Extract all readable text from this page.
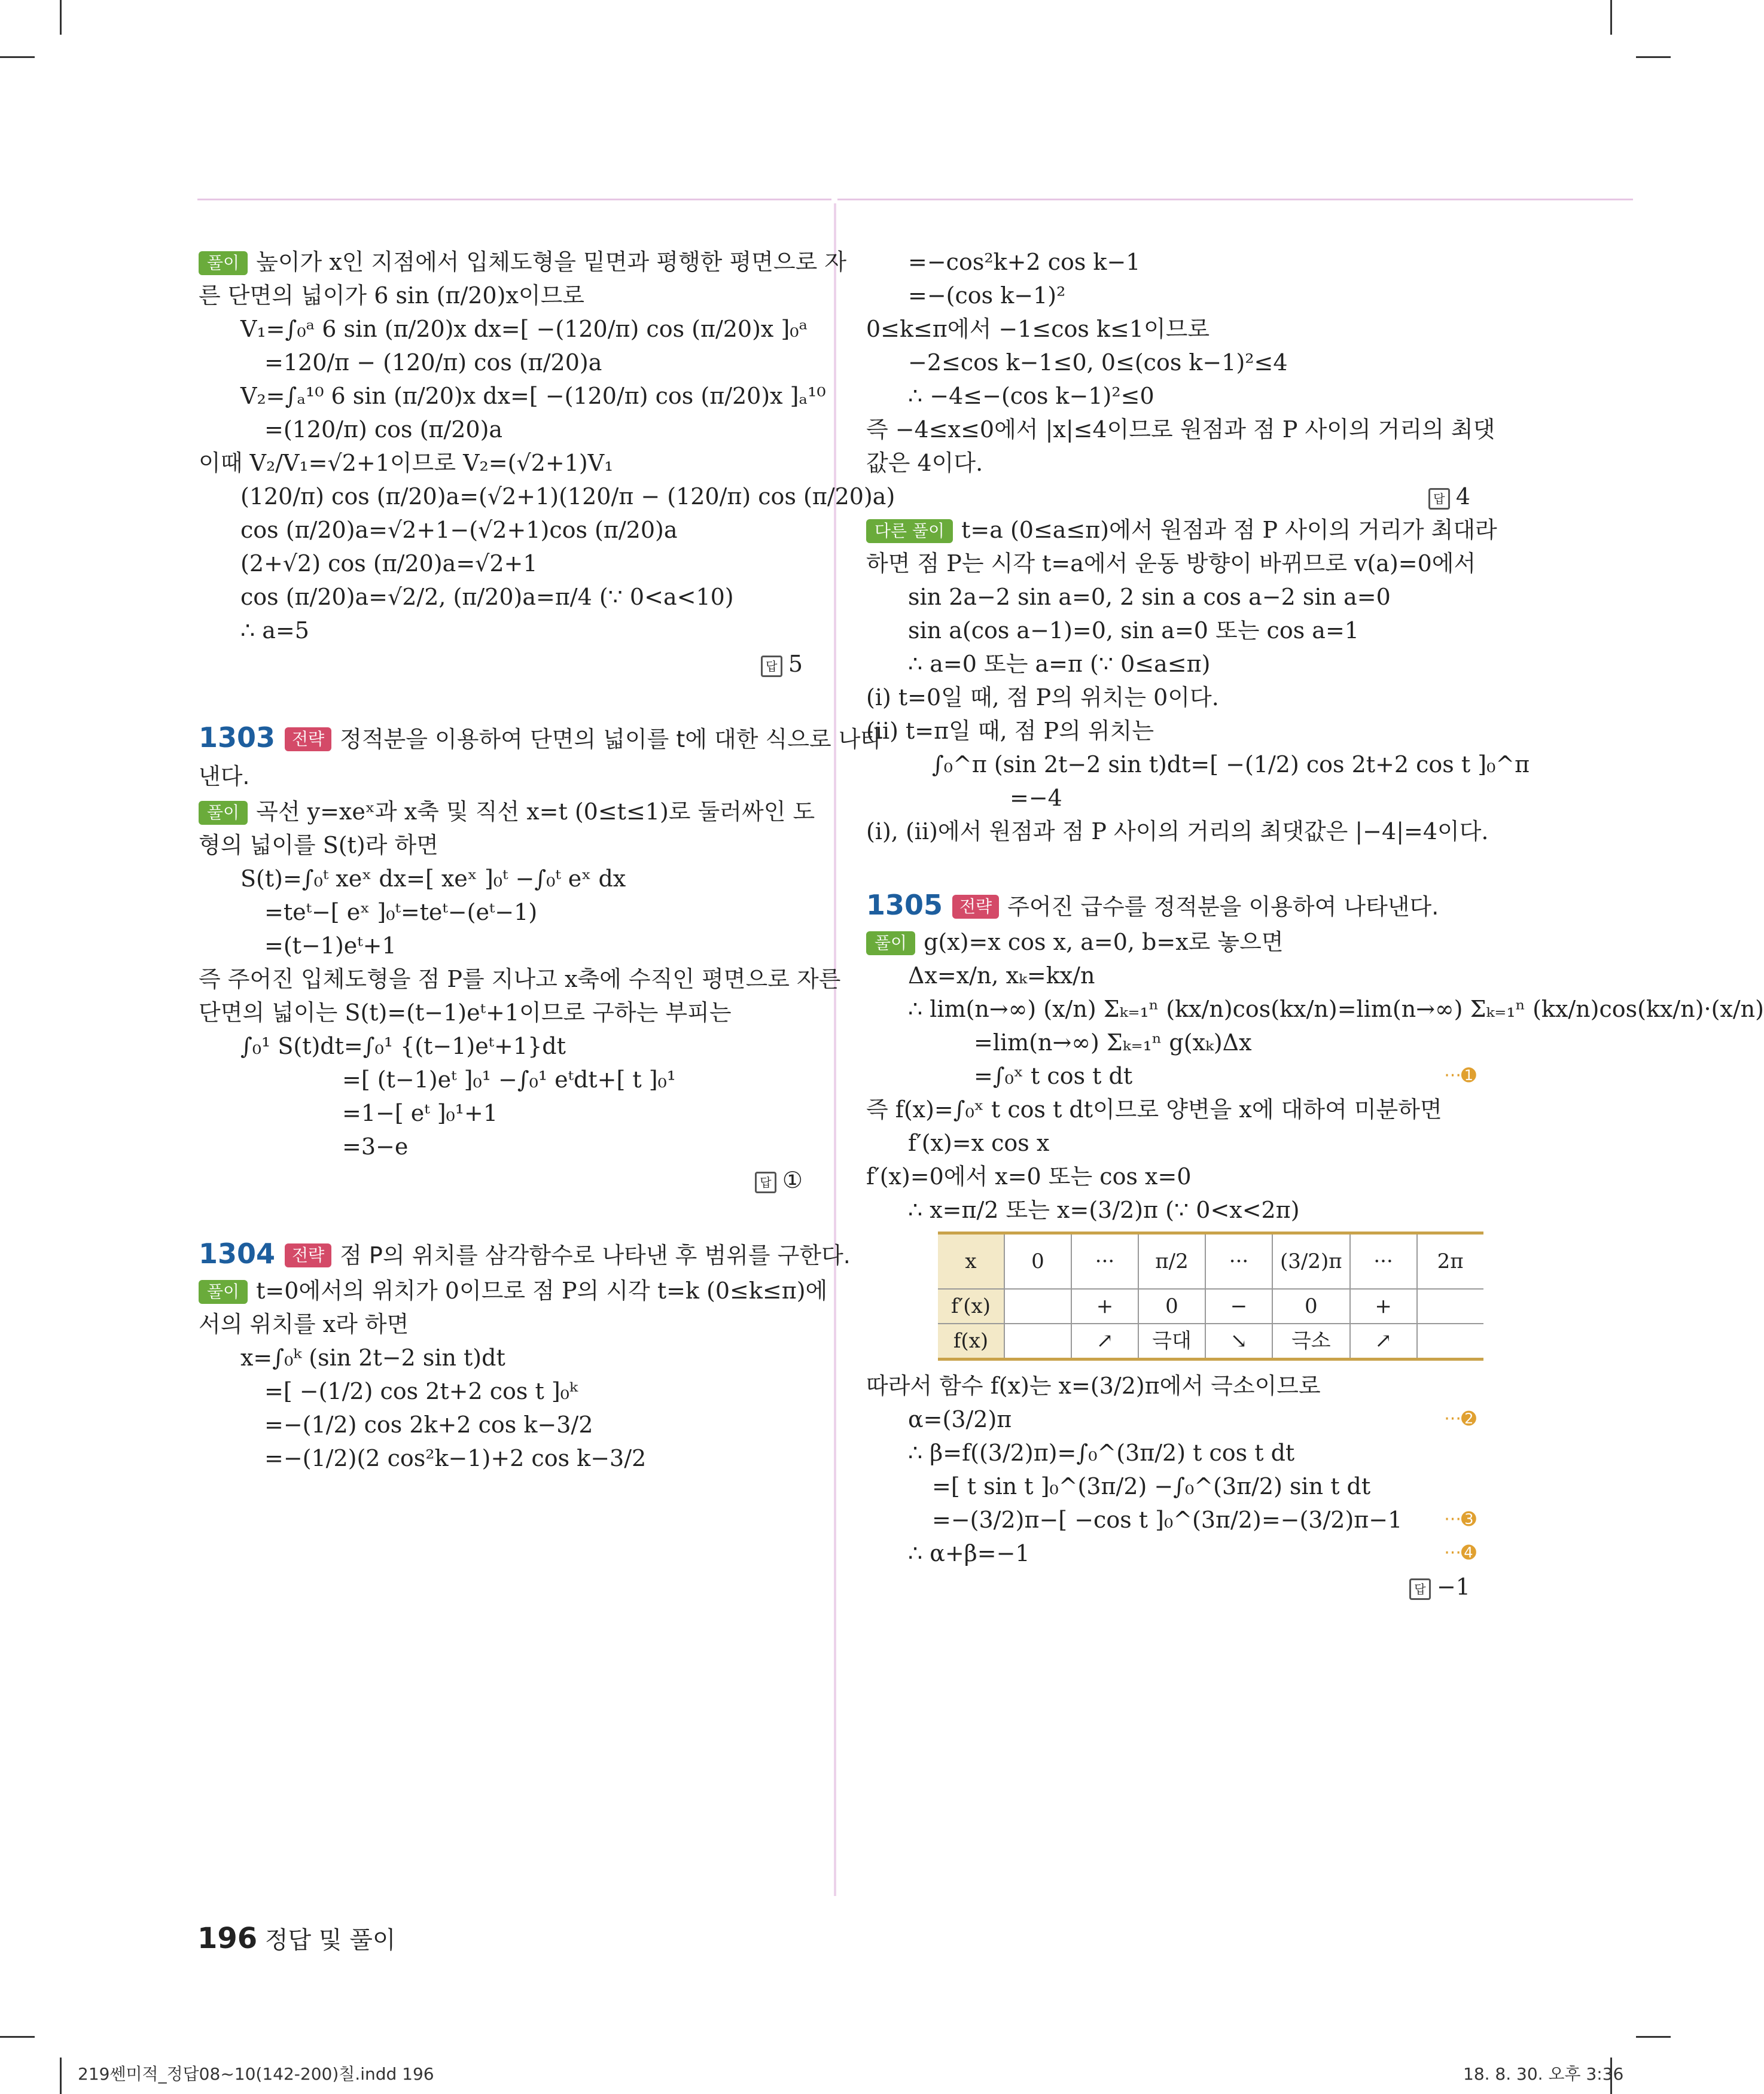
풀이 높이가 x인 지점에서 입체도형을 밑면과 평행한 평면으로 자
른 단면의 넓이가 6 sin (π/20)x이므로
V₁=∫₀ᵃ 6 sin (π/20)x dx=[ −(120/π) cos (π/20)x ]₀ᵃ
=120/π − (120/π) cos (π/20)a
V₂=∫ₐ¹⁰ 6 sin (π/20)x dx=[ −(120/π) cos (π/20)x ]ₐ¹⁰
=(120/π) cos (π/20)a
이때 V₂/V₁=√2+1이므로 V₂=(√2+1)V₁
(120/π) cos (π/20)a=(√2+1)(120/π − (120/π) cos (π/20)a)
cos (π/20)a=√2+1−(√2+1)cos (π/20)a
(2+√2) cos (π/20)a=√2+1
cos (π/20)a=√2/2, (π/20)a=π/4 (∵ 0<a<10)
∴ a=5
답 5
1303 전략 정적분을 이용하여 단면의 넓이를 t에 대한 식으로 나타
낸다.
풀이 곡선 y=xeˣ과 x축 및 직선 x=t (0≤t≤1)로 둘러싸인 도
형의 넓이를 S(t)라 하면
S(t)=∫₀ᵗ xeˣ dx=[ xeˣ ]₀ᵗ −∫₀ᵗ eˣ dx
=teᵗ−[ eˣ ]₀ᵗ=teᵗ−(eᵗ−1)
=(t−1)eᵗ+1
즉 주어진 입체도형을 점 P를 지나고 x축에 수직인 평면으로 자른
단면의 넓이는 S(t)=(t−1)eᵗ+1이므로 구하는 부피는
∫₀¹ S(t)dt=∫₀¹ {(t−1)eᵗ+1}dt
=[ (t−1)eᵗ ]₀¹ −∫₀¹ eᵗdt+[ t ]₀¹
=1−[ eᵗ ]₀¹+1
=3−e
답 ①
1304 전략 점 P의 위치를 삼각함수로 나타낸 후 범위를 구한다.
풀이 t=0에서의 위치가 0이므로 점 P의 시각 t=k (0≤k≤π)에
서의 위치를 x라 하면
x=∫₀ᵏ (sin 2t−2 sin t)dt
=[ −(1/2) cos 2t+2 cos t ]₀ᵏ
=−(1/2) cos 2k+2 cos k−3/2
=−(1/2)(2 cos²k−1)+2 cos k−3/2
=−cos²k+2 cos k−1
=−(cos k−1)²
0≤k≤π에서 −1≤cos k≤1이므로
−2≤cos k−1≤0, 0≤(cos k−1)²≤4
∴ −4≤−(cos k−1)²≤0
즉 −4≤x≤0에서 |x|≤4이므로 원점과 점 P 사이의 거리의 최댓
값은 4이다.
답 4
다른 풀이 t=a (0≤a≤π)에서 원점과 점 P 사이의 거리가 최대라
하면 점 P는 시각 t=a에서 운동 방향이 바뀌므로 v(a)=0에서
sin 2a−2 sin a=0, 2 sin a cos a−2 sin a=0
sin a(cos a−1)=0, sin a=0 또는 cos a=1
∴ a=0 또는 a=π (∵ 0≤a≤π)
(i) t=0일 때, 점 P의 위치는 0이다.
(ii) t=π일 때, 점 P의 위치는
∫₀^π (sin 2t−2 sin t)dt=[ −(1/2) cos 2t+2 cos t ]₀^π
=−4
(i), (ii)에서 원점과 점 P 사이의 거리의 최댓값은 |−4|=4이다.
1305 전략 주어진 급수를 정적분을 이용하여 나타낸다.
풀이 g(x)=x cos x, a=0, b=x로 놓으면
Δx=x/n, xₖ=kx/n
∴ lim(n→∞) (x/n) Σₖ₌₁ⁿ (kx/n)cos(kx/n)=lim(n→∞) Σₖ₌₁ⁿ (kx/n)cos(kx/n)·(x/n)
=lim(n→∞) Σₖ₌₁ⁿ g(xₖ)Δx
=∫₀ˣ t cos t dt	···➊
즉 f(x)=∫₀ˣ t cos t dt이므로 양변을 x에 대하여 미분하면
f′(x)=x cos x
f′(x)=0에서 x=0 또는 cos x=0
∴ x=π/2 또는 x=(3/2)π (∵ 0<x<2π)
x	0	···	π/2	···	(3/2)π	···	2π
f′(x)		+	0	−	0	+	
f(x)		↗	극대	↘	극소	↗	
따라서 함수 f(x)는 x=(3/2)π에서 극소이므로
α=(3/2)π	···➋
∴ β=f((3/2)π)=∫₀^(3π/2) t cos t dt
=[ t sin t ]₀^(3π/2) −∫₀^(3π/2) sin t dt
=−(3/2)π−[ −cos t ]₀^(3π/2)=−(3/2)π−1 ···➌
∴ α+β=−1	···➍
답 −1
196 정답 및 풀이
219쎈미적_정답08~10(142-200)칠.indd 196	18. 8. 30. 오후 3:36
